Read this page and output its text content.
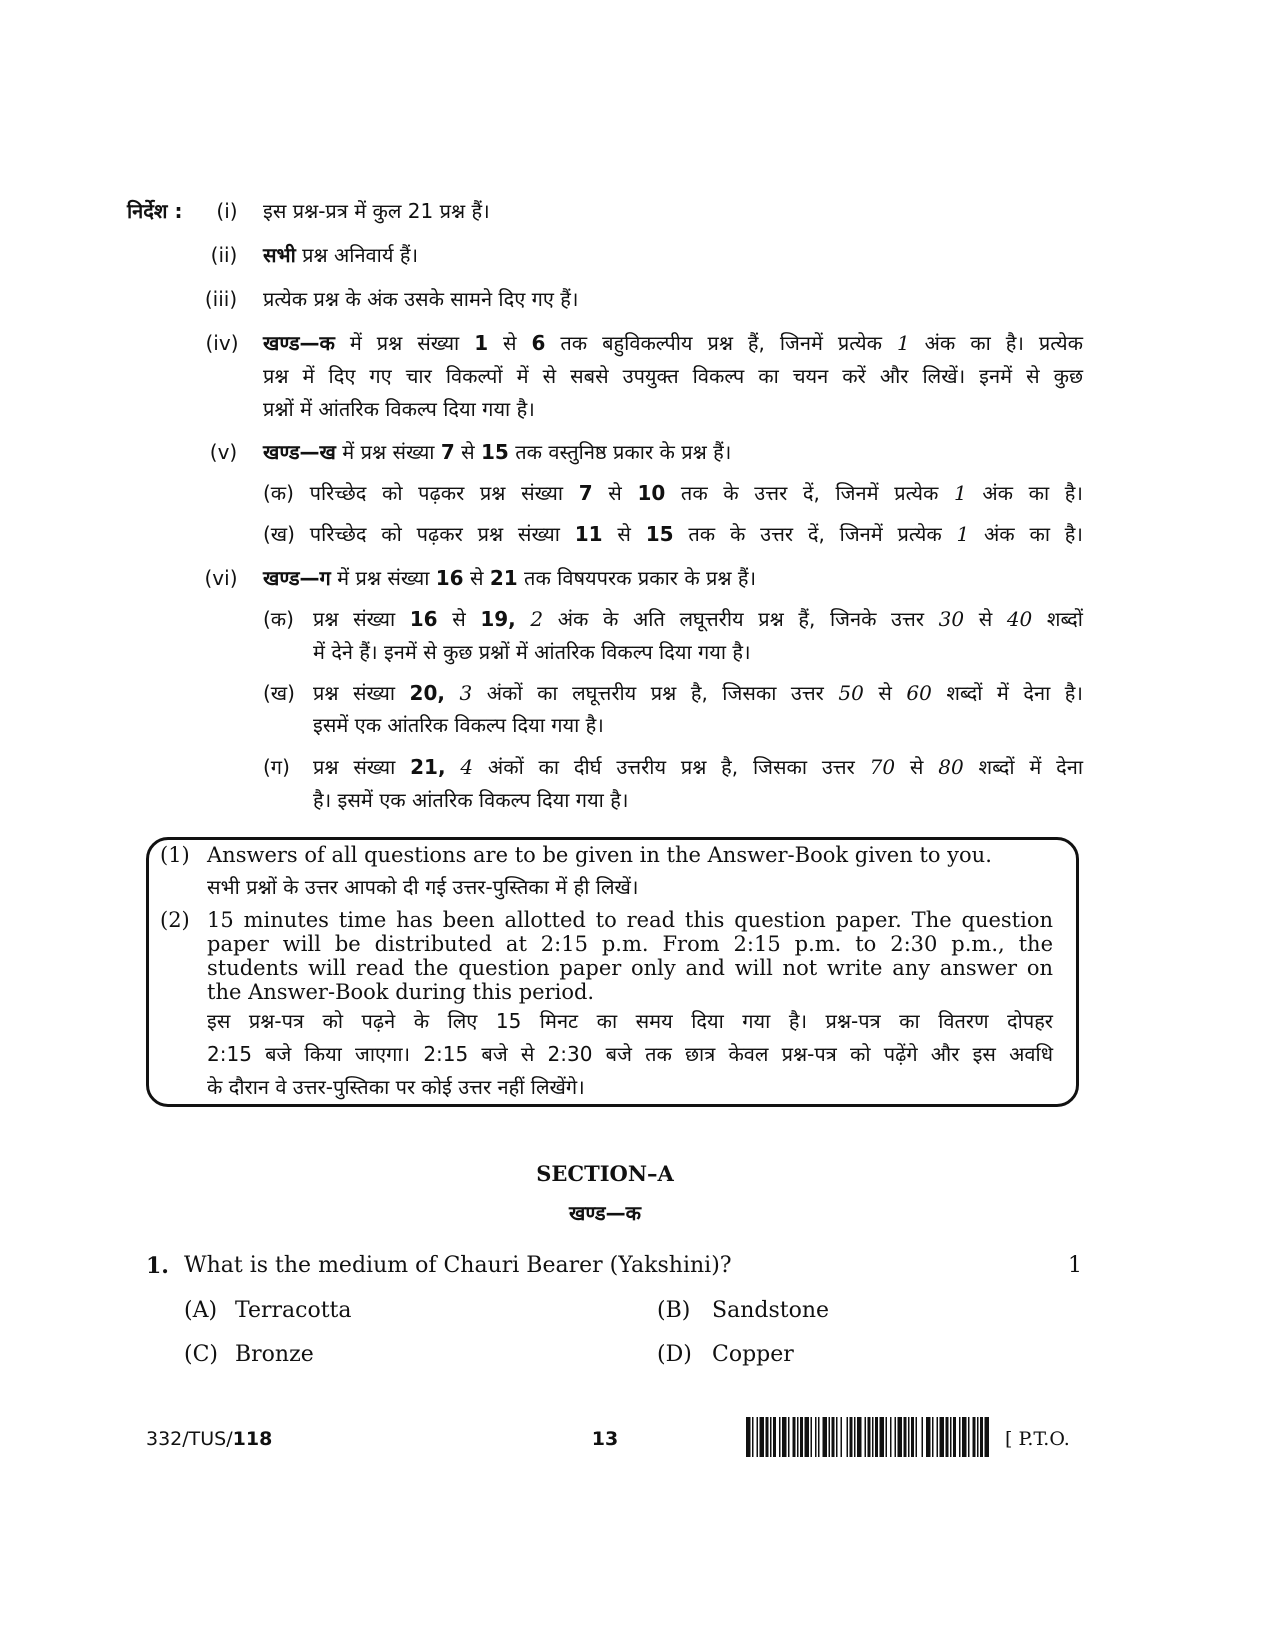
निर्देश : (i) इस प्रश्न-प्रत्र में कुल 21 प्रश्न हैं।
(ii) सभी प्रश्न अनिवार्य हैं।
(iii) प्रत्येक प्रश्न के अंक उसके सामने दिए गए हैं।
(iv) खण्ड—क में प्रश्न संख्या 1 से 6 तक बहुविकल्पीय प्रश्न हैं, जिनमें प्रत्येक 1 अंक का है। प्रत्येक
प्रश्न में दिए गए चार विकल्पों में से सबसे उपयुक्त विकल्प का चयन करें और लिखें। इनमें से कुछ
प्रश्नों में आंतरिक विकल्प दिया गया है।
(v) खण्ड—ख में प्रश्न संख्या 7 से 15 तक वस्तुनिष्ठ प्रकार के प्रश्न हैं।
(क) परिच्छेद को पढ़कर प्रश्न संख्या 7 से 10 तक के उत्तर दें, जिनमें प्रत्येक 1 अंक का है।
(ख) परिच्छेद को पढ़कर प्रश्न संख्या 11 से 15 तक के उत्तर दें, जिनमें प्रत्येक 1 अंक का है।
(vi) खण्ड—ग में प्रश्न संख्या 16 से 21 तक विषयपरक प्रकार के प्रश्न हैं।
(क) प्रश्न संख्या 16 से 19, 2 अंक के अति लघूत्तरीय प्रश्न हैं, जिनके उत्तर 30 से 40 शब्दों
में देने हैं। इनमें से कुछ प्रश्नों में आंतरिक विकल्प दिया गया है।
(ख) प्रश्न संख्या 20, 3 अंकों का लघूत्तरीय प्रश्न है, जिसका उत्तर 50 से 60 शब्दों में देना है।
इसमें एक आंतरिक विकल्प दिया गया है।
(ग) प्रश्न संख्या 21, 4 अंकों का दीर्घ उत्तरीय प्रश्न है, जिसका उत्तर 70 से 80 शब्दों में देना
है। इसमें एक आंतरिक विकल्प दिया गया है।
(1) Answers of all questions are to be given in the Answer-Book given to you.
सभी प्रश्नों के उत्तर आपको दी गई उत्तर-पुस्तिका में ही लिखें।
(2) 15 minutes time has been allotted to read this question paper. The question
paper will be distributed at 2:15 p.m. From 2:15 p.m. to 2:30 p.m., the
students will read the question paper only and will not write any answer on
the Answer-Book during this period.
इस प्रश्न-पत्र को पढ़ने के लिए 15 मिनट का समय दिया गया है। प्रश्न-पत्र का वितरण दोपहर
2:15 बजे किया जाएगा। 2:15 बजे से 2:30 बजे तक छात्र केवल प्रश्न-पत्र को पढ़ेंगे और इस अवधि
के दौरान वे उत्तर-पुस्तिका पर कोई उत्तर नहीं लिखेंगे।
SECTION–A
खण्ड—क
1. What is the medium of Chauri Bearer (Yakshini)?	1
(A) Terracotta	(B) Sandstone
(C) Bronze	(D) Copper
332/TUS/118	13	[ P.T.O.
